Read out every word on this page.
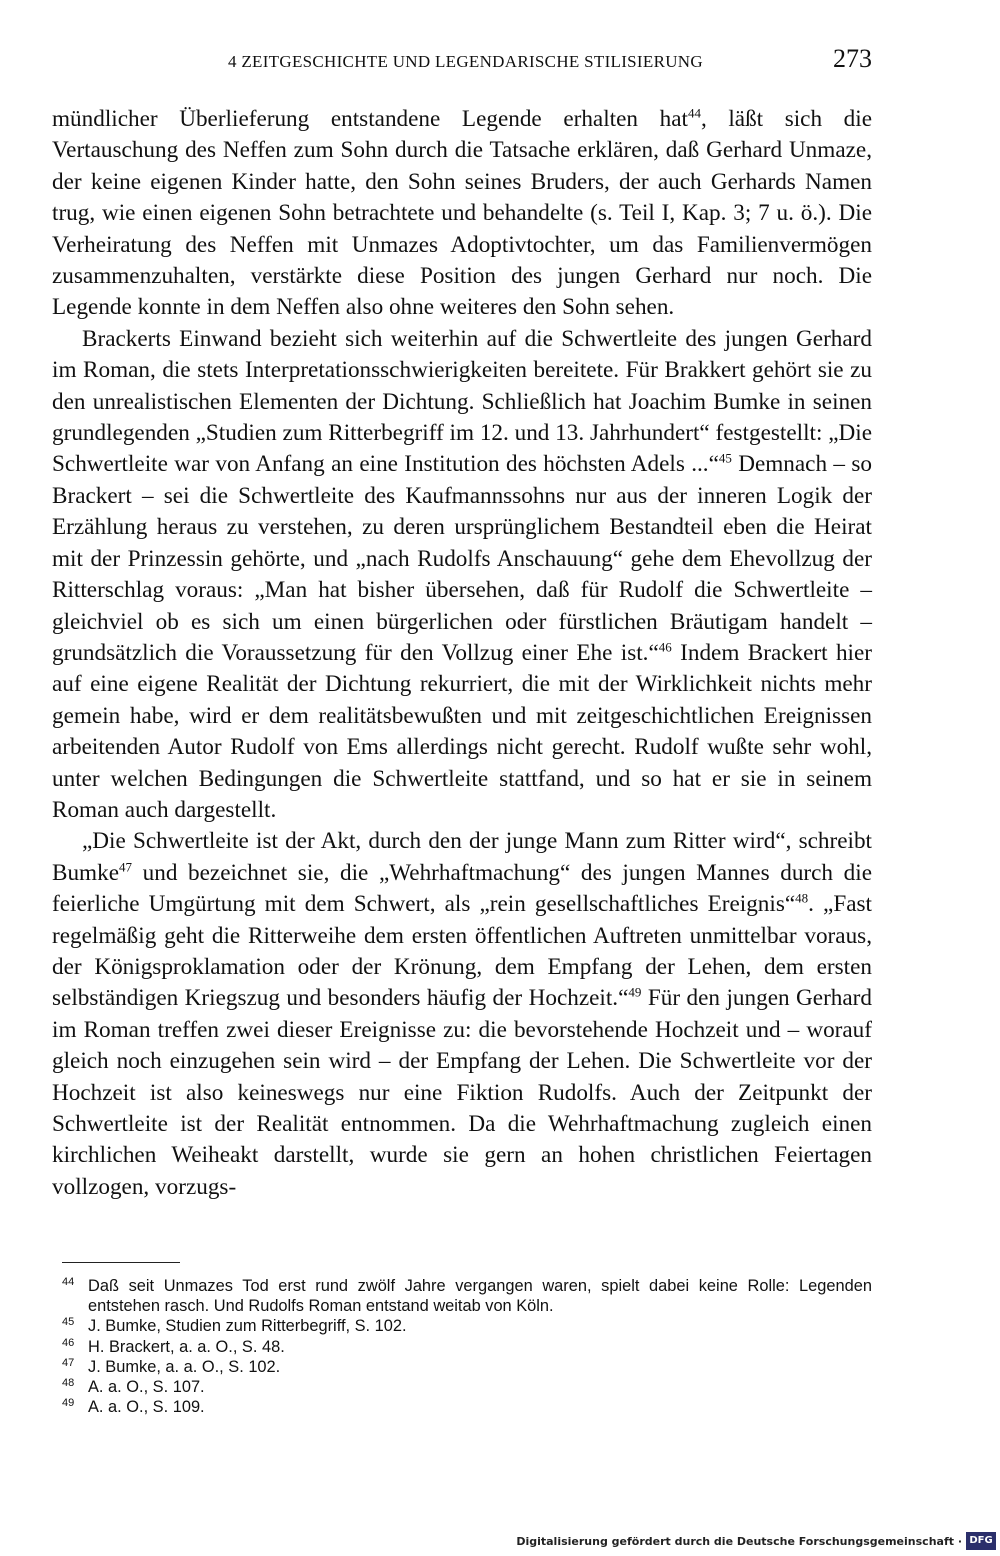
4 ZEITGESCHICHTE UND LEGENDARISCHE STILISIERUNG	273

mündlicher Überlieferung entstandene Legende erhalten hat$^{44}$, läßt sich die Vertauschung des Neffen zum Sohn durch die Tatsache erklären, daß Gerhard Unmaze, der keine eigenen Kinder hatte, den Sohn seines Bruders, der auch Gerhards Namen trug, wie einen eigenen Sohn betrachtete und behandelte (s. Teil I, Kap. 3; 7 u. ö.). Die Verheiratung des Neffen mit Unmazes Adoptivtochter, um das Familienvermögen zusammenzuhalten, verstärkte diese Position des jungen Gerhard nur noch. Die Legende konnte in dem Neffen also ohne weiteres den Sohn sehen.

Brackerts Einwand bezieht sich weiterhin auf die Schwertleite des jungen Gerhard im Roman, die stets Interpretationsschwierigkeiten bereitete. Für Brakkert gehört sie zu den unrealistischen Elementen der Dichtung. Schließlich hat Joachim Bumke in seinen grundlegenden „Studien zum Ritterbegriff im 12. und 13. Jahrhundert“ festgestellt: „Die Schwertleite war von Anfang an eine Institution des höchsten Adels ...“$^{45}$ Demnach – so Brackert – sei die Schwertleite des Kaufmannssohns nur aus der inneren Logik der Erzählung heraus zu verstehen, zu deren ursprünglichem Bestandteil eben die Heirat mit der Prinzessin gehörte, und „nach Rudolfs Anschauung“ gehe dem Ehevollzug der Ritterschlag voraus: „Man hat bisher übersehen, daß für Rudolf die Schwertleite – gleichviel ob es sich um einen bürgerlichen oder fürstlichen Bräutigam handelt – grundsätzlich die Voraussetzung für den Vollzug einer Ehe ist.“$^{46}$ Indem Brackert hier auf eine eigene Realität der Dichtung rekurriert, die mit der Wirklichkeit nichts mehr gemein habe, wird er dem realitätsbewußten und mit zeitgeschichtlichen Ereignissen arbeitenden Autor Rudolf von Ems allerdings nicht gerecht. Rudolf wußte sehr wohl, unter welchen Bedingungen die Schwertleite stattfand, und so hat er sie in seinem Roman auch dargestellt.

„Die Schwertleite ist der Akt, durch den der junge Mann zum Ritter wird“, schreibt Bumke$^{47}$ und bezeichnet sie, die „Wehrhaftmachung“ des jungen Mannes durch die feierliche Umgürtung mit dem Schwert, als „rein gesellschaftliches Ereignis“$^{48}$. „Fast regelmäßig geht die Ritterweihe dem ersten öffentlichen Auftreten unmittelbar voraus, der Königsproklamation oder der Krönung, dem Empfang der Lehen, dem ersten selbständigen Kriegszug und besonders häufig der Hochzeit.“$^{49}$ Für den jungen Gerhard im Roman treffen zwei dieser Ereignisse zu: die bevorstehende Hochzeit und – worauf gleich noch einzugehen sein wird – der Empfang der Lehen. Die Schwertleite vor der Hochzeit ist also keineswegs nur eine Fiktion Rudolfs. Auch der Zeitpunkt der Schwertleite ist der Realität entnommen. Da die Wehrhaftmachung zugleich einen kirchlichen Weiheakt darstellt, wurde sie gern an hohen christlichen Feiertagen vollzogen, vorzugs-

44 Daß seit Unmazes Tod erst rund zwölf Jahre vergangen waren, spielt dabei keine Rolle: Legenden entstehen rasch. Und Rudolfs Roman entstand weitab von Köln.
45 J. Bumke, Studien zum Ritterbegriff, S. 102.
46 H. Brackert, a. a. O., S. 48.
47 J. Bumke, a. a. O., S. 102.
48 A. a. O., S. 107.
49 A. a. O., S. 109.
Digitalisierung gefördert durch die Deutsche Forschungsgemeinschaft · DFG
